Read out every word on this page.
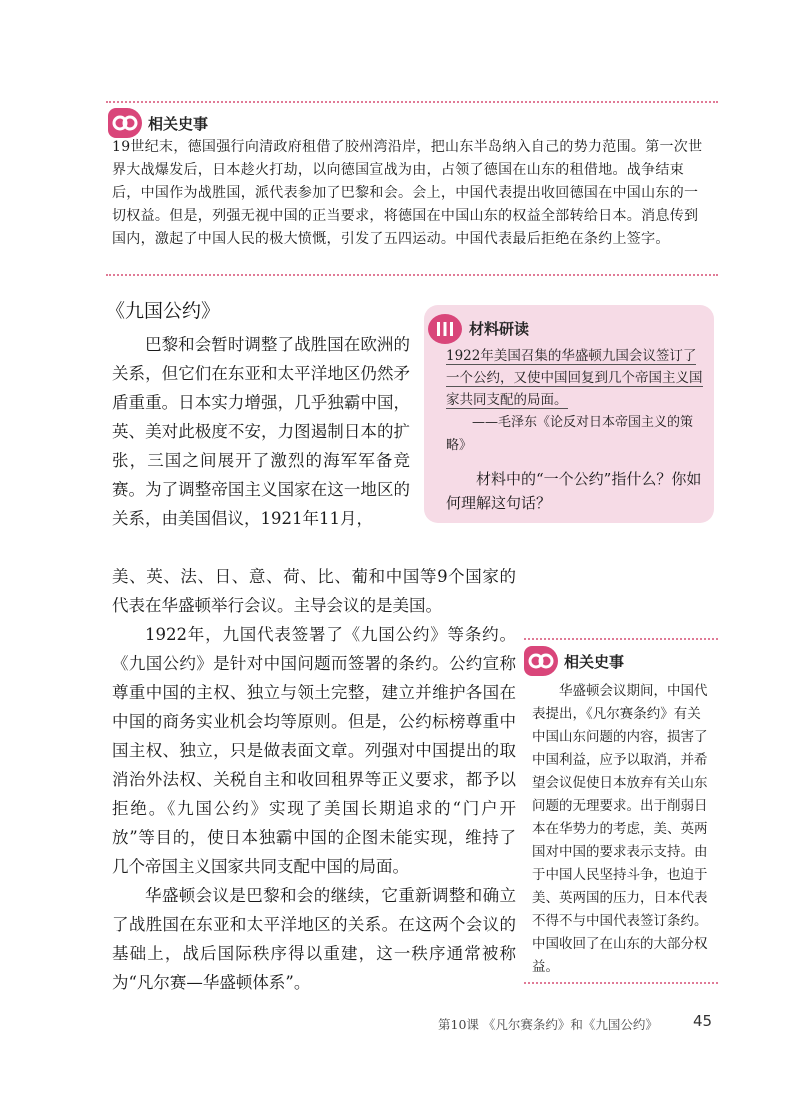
相关史事
19世纪末，德国强行向清政府租借了胶州湾沿岸，把山东半岛纳入自己的势力范围。第一次世界大战爆发后，日本趁火打劫，以向德国宣战为由，占领了德国在山东的租借地。战争结束后，中国作为战胜国，派代表参加了巴黎和会。会上，中国代表提出收回德国在中国山东的一切权益。但是，列强无视中国的正当要求，将德国在中国山东的权益全部转给日本。消息传到国内，激起了中国人民的极大愤慨，引发了五四运动。中国代表最后拒绝在条约上签字。
《九国公约》

巴黎和会暂时调整了战胜国在欧洲的关系，但它们在东亚和太平洋地区仍然矛盾重重。日本实力增强，几乎独霸中国，英、美对此极度不安，力图遏制日本的扩张，三国之间展开了激烈的海军军备竞赛。为了调整帝国主义国家在这一地区的关系，由美国倡议，1921年11月，

美、英、法、日、意、荷、比、葡和中国等9个国家的代表在华盛顿举行会议。主导会议的是美国。

1922年，九国代表签署了《九国公约》等条约。《九国公约》是针对中国问题而签署的条约。公约宣称尊重中国的主权、独立与领土完整，建立并维护各国在中国的商务实业机会均等原则。但是，公约标榜尊重中国主权、独立，只是做表面文章。列强对中国提出的取消治外法权、关税自主和收回租界等正义要求，都予以拒绝。《九国公约》实现了美国长期追求的“门户开放”等目的，使日本独霸中国的企图未能实现，维持了几个帝国主义国家共同支配中国的局面。

华盛顿会议是巴黎和会的继续，它重新调整和确立了战胜国在东亚和太平洋地区的关系。在这两个会议的基础上，战后国际秩序得以重建，这一秩序通常被称为“凡尔赛—华盛顿体系”。

材料研读
1922年美国召集的华盛顿九国会议签订了一个公约，又使中国回复到几个帝国主义国家共同支配的局面。
——毛泽东《论反对日本帝国主义的策略》
材料中的“一个公约”指什么？你如何理解这句话？
相关史事
华盛顿会议期间，中国代表提出，《凡尔赛条约》有关中国山东问题的内容，损害了中国利益，应予以取消，并希望会议促使日本放弃有关山东问题的无理要求。出于削弱日本在华势力的考虑，美、英两国对中国的要求表示支持。由于中国人民坚持斗争，也迫于美、英两国的压力，日本代表不得不与中国代表签订条约。中国收回了在山东的大部分权益。
第10课 《凡尔赛条约》和《九国公约》 45
